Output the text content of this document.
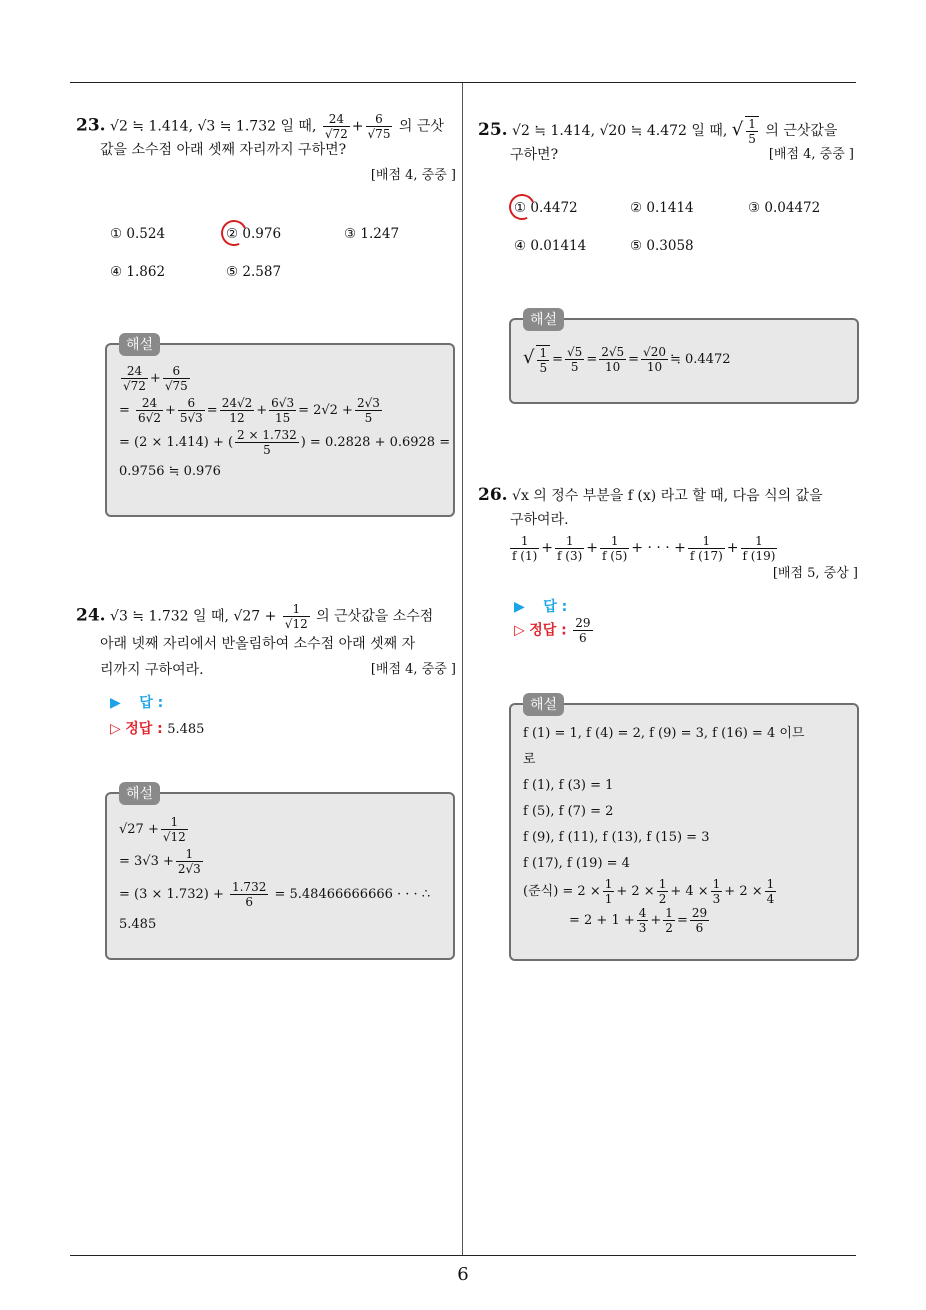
6
23. √2 ≒ 1.414, √3 ≒ 1.732 일 때, $\frac{24}{√72} + \frac{6}{√75}$ 의 근삿
값을 소수점 아래 셋째 자리까지 구하면?
[배점 4, 중중 ]
① 0.524	② 0.976	③ 1.247
④ 1.862	⑤ 2.587
해설
$\frac{24}{√72} + \frac{6}{√75}$
= $\frac{24}{6√2} + \frac{6}{5√3} = \frac{24√2}{12} + \frac{6√3}{15} = 2√2 + \frac{2√3}{5}$
= (2 × 1.414) + ( $\frac{2 \times 1.732}{5}$ ) = 0.2828 + 0.6928 =
0.9756 ≒ 0.976
24. √3 ≒ 1.732 일 때, $√27 + \frac{1}{√12}$ 의 근삿값을 소수점
아래 넷째 자리에서 반올림하여 소수점 아래 셋째 자
리까지 구하여라.	[배점 4, 중중 ]
▶ 답 :
▷ 정답 : 5.485
해설
$√27 + \frac{1}{√12}$
= $3√3 + \frac{1}{2√3}$
= $(3 \times 1.732) + \frac{1.732}{6} = 5.48466666666$ · · · ∴
5.485
25. √2 ≒ 1.414, √20 ≒ 4.472 일 때, √ $\frac{1}{5}$ 의 근삿값을
구하면?	[배점 4, 중중 ]
① 0.4472	② 0.1414	③ 0.04472
④ 0.01414	⑤ 0.3058
해설
√ $\frac{1}{5} = \frac{√5}{5} = \frac{2√5}{10} = \frac{√20}{10}$ ≒ 0.4472
26. √x 의 정수 부분을 f (x) 라고 할 때, 다음 식의 값을
구하여라.
$\frac{1}{f (1)} + \frac{1}{f (3)} + \frac{1}{f (5)}$ + · · · + $\frac{1}{f (17)} + \frac{1}{f (19)}$
[배점 5, 중상 ]
▶ 답 :
▷ 정답 : $\frac{29}{6}$
해설
f (1) = 1, f (4) = 2, f (9) = 3, f (16) = 4 이므
로
f (1), f (3) = 1
f (5), f (7) = 2
f (9), f (11), f (13), f (15) = 3
f (17), f (19) = 4
(준식) = $2 \times \frac{1}{1} + 2 \times \frac{1}{2} + 4 \times \frac{1}{3} + 2 \times \frac{1}{4}$
= $2 + 1 + \frac{4}{3} + \frac{1}{2} = \frac{29}{6}$
